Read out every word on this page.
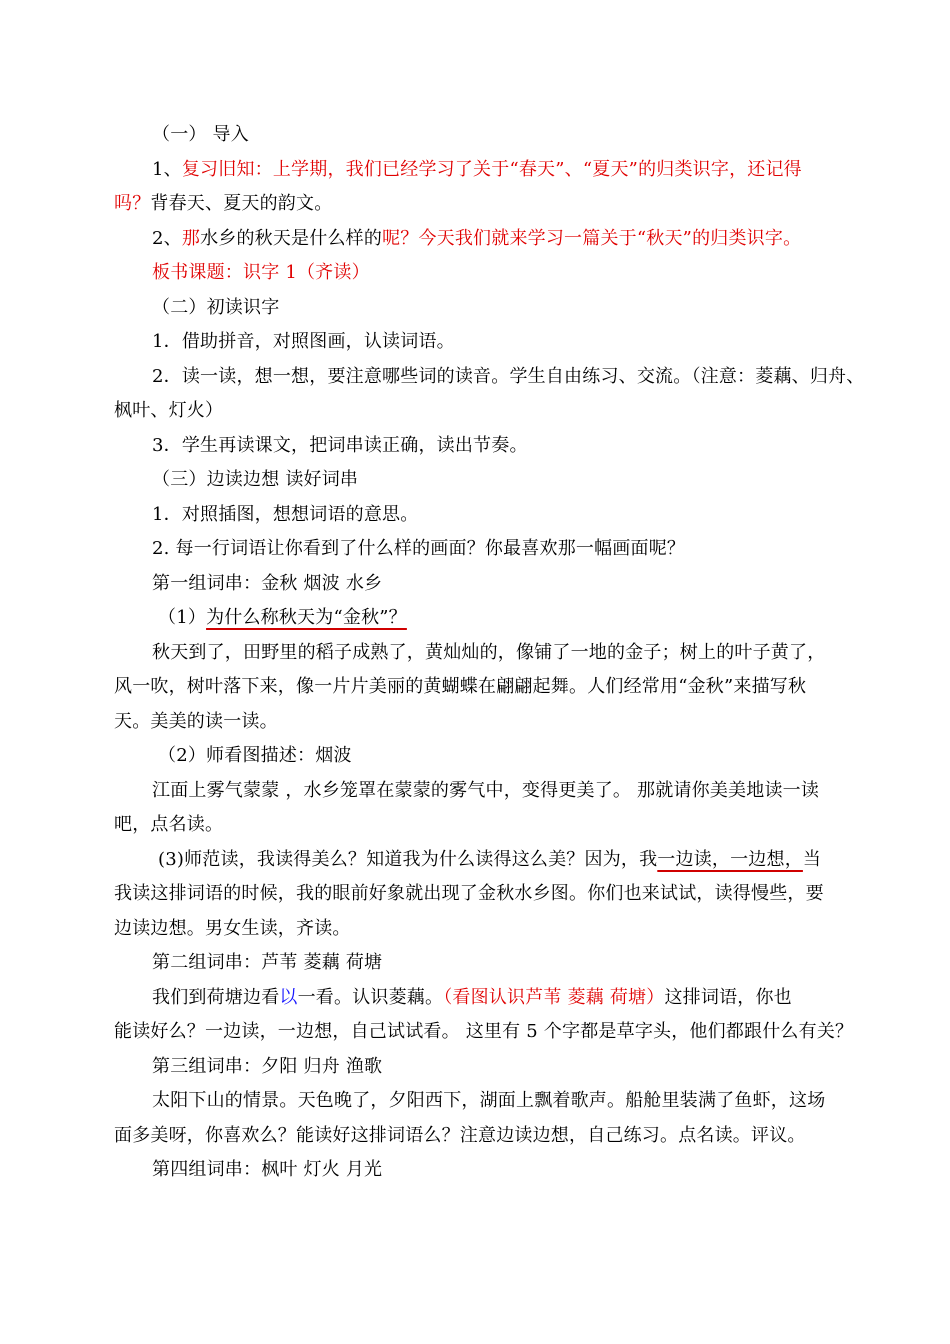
（一） 导入
1、复习旧知：上学期，我们已经学习了关于“春天”、“夏天”的归类识字，还记得
吗？背春天、夏天的韵文。
2、那水乡的秋天是什么样的呢？今天我们就来学习一篇关于“秋天”的归类识字。
板书课题：识字 1（齐读）
（二）初读识字
1．借助拼音，对照图画，认读词语。
2．读一读，想一想，要注意哪些词的读音。学生自由练习、交流。（注意：菱藕、归舟、
枫叶、灯火）
3．学生再读课文，把词串读正确，读出节奏。
（三）边读边想 读好词串
1．对照插图，想想词语的意思。
2. 每一行词语让你看到了什么样的画面？你最喜欢那一幅画面呢？
第一组词串：金秋 烟波 水乡
（1）为什么称秋天为“金秋”？
秋天到了，田野里的稻子成熟了，黄灿灿的，像铺了一地的金子；树上的叶子黄了，
风一吹，树叶落下来，像一片片美丽的黄蝴蝶在翩翩起舞。人们经常用“金秋”来描写秋
天。美美的读一读。
（2）师看图描述：烟波
江面上雾气蒙蒙 ，水乡笼罩在蒙蒙的雾气中，变得更美了。 那就请你美美地读一读
吧，点名读。
(3)师范读，我读得美么？知道我为什么读得这么美？因为，我一边读，一边想，当
我读这排词语的时候，我的眼前好象就出现了金秋水乡图。你们也来试试，读得慢些，要
边读边想。男女生读，齐读。
第二组词串：芦苇 菱藕 荷塘
我们到荷塘边看以一看。认识菱藕。（看图认识芦苇 菱藕 荷塘）这排词语，你也
能读好么？一边读，一边想，自己试试看。 这里有 5 个字都是草字头，他们都跟什么有关？
第三组词串：夕阳 归舟 渔歌
太阳下山的情景。天色晚了，夕阳西下，湖面上飘着歌声。船舱里装满了鱼虾，这场
面多美呀，你喜欢么？能读好这排词语么？注意边读边想，自己练习。点名读。评议。
第四组词串：枫叶 灯火 月光
